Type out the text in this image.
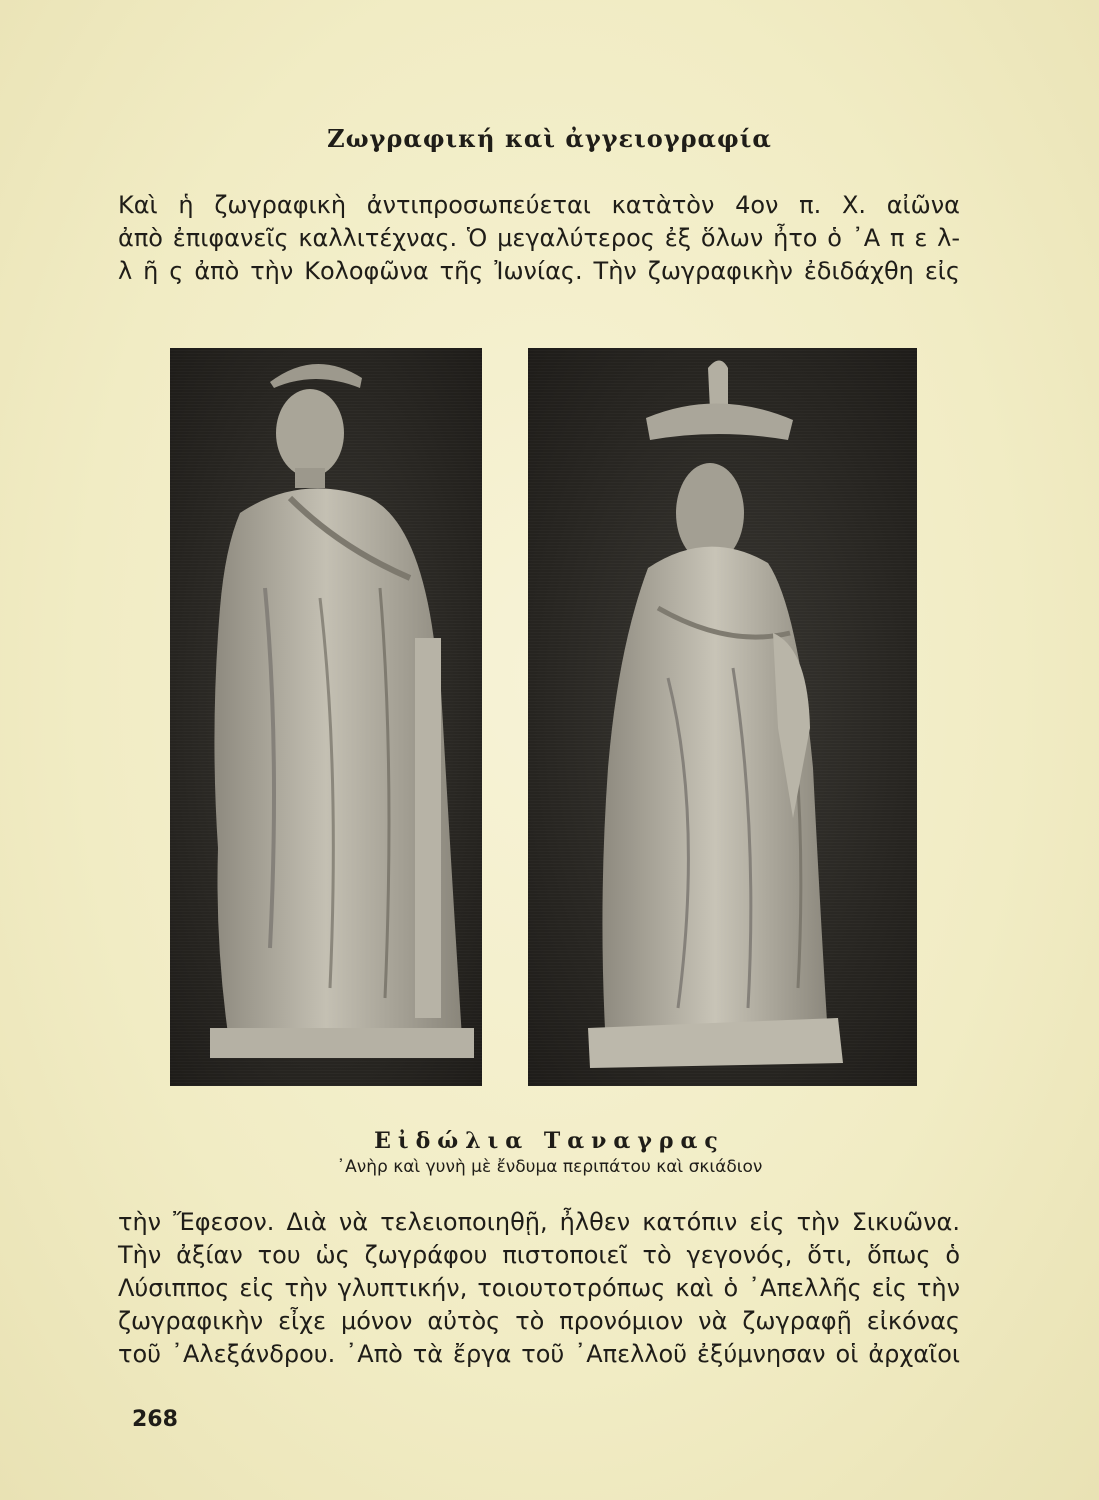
Ζωγραφική καὶ ἀγγειογραφία

Καὶ ἡ ζωγραφικὴ ἀντιπροσωπεύεται κατὰτὸν 4ον π. Χ. αἰῶνα
ἀπὸ ἐπιφανεῖς καλλιτέχνας. Ὁ μεγαλύτερος ἐξ ὅλων ἦτο ὁ ᾿Α π ε λ-
λ ῆ ς ἀπὸ τὴν Κολοφῶνα τῆς Ἰωνίας. Τὴν ζωγραφικὴν ἐδιδάχθη εἰς

Εἰδώλια Ταναγρας
᾿Ανὴρ καὶ γυνὴ μὲ ἔνδυμα περιπάτου καὶ σκιάδιον

τὴν Ἔφεσον. Διὰ νὰ τελειοποιηθῇ, ἦλθεν κατόπιν εἰς τὴν Σικυῶνα.
Τὴν ἀξίαν του ὡς ζωγράφου πιστοποιεῖ τὸ γεγονός, ὅτι, ὅπως ὁ
Λύσιππος εἰς τὴν γλυπτικήν, τοιουτοτρόπως καὶ ὁ ᾿Απελλῆς εἰς τὴν
ζωγραφικὴν εἶχε μόνον αὐτὸς τὸ προνόμιον νὰ ζωγραφῇ εἰκόνας
τοῦ ᾿Αλεξάνδρου. ᾿Απὸ τὰ ἔργα τοῦ ᾿Απελλοῦ ἐξύμνησαν οἱ ἀρχαῖοι

268
